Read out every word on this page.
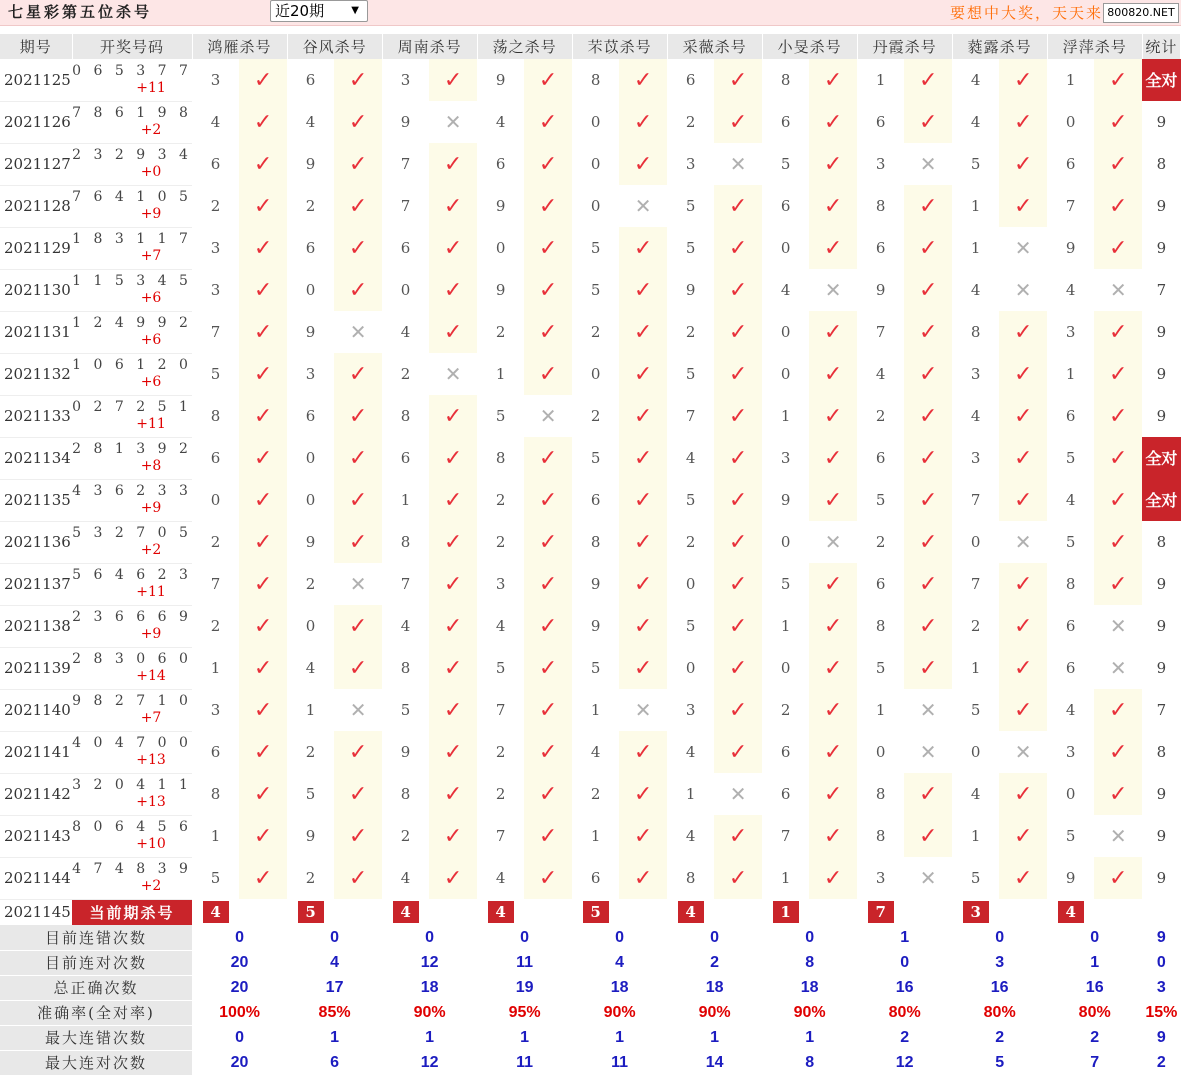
七星彩第五位杀号	近20期	▼	要想中大奖，天天来 800820.NET
期号	开奖号码	鸿雁杀号		谷风杀号		周南杀号		荡之杀号		芣苡杀号		采薇杀号		小旻杀号		丹霞杀号		蕤露杀号		浮萍杀号		统计
2021125	0 6 5 3 7 7
+11	3	✓	6	✓	3	✓	9	✓	8	✓	6	✓	8	✓	1	✓	4	✓	1	✓	全对
2021126	7 8 6 1 9 8
+2	4	✓	4	✓	9	✕	4	✓	0	✓	2	✓	6	✓	6	✓	4	✓	0	✓	9
2021127	2 3 2 9 3 4
+0	6	✓	9	✓	7	✓	6	✓	0	✓	3	✕	5	✓	3	✕	5	✓	6	✓	8
2021128	7 6 4 1 0 5
+9	2	✓	2	✓	7	✓	9	✓	0	✕	5	✓	6	✓	8	✓	1	✓	7	✓	9
2021129	1 8 3 1 1 7
+7	3	✓	6	✓	6	✓	0	✓	5	✓	5	✓	0	✓	6	✓	1	✕	9	✓	9
2021130	1 1 5 3 4 5
+6	3	✓	0	✓	0	✓	9	✓	5	✓	9	✓	4	✕	9	✓	4	✕	4	✕	7
2021131	1 2 4 9 9 2
+6	7	✓	9	✕	4	✓	2	✓	2	✓	2	✓	0	✓	7	✓	8	✓	3	✓	9
2021132	1 0 6 1 2 0
+6	5	✓	3	✓	2	✕	1	✓	0	✓	5	✓	0	✓	4	✓	3	✓	1	✓	9
2021133	0 2 7 2 5 1
+11	8	✓	6	✓	8	✓	5	✕	2	✓	7	✓	1	✓	2	✓	4	✓	6	✓	9
2021134	2 8 1 3 9 2
+8	6	✓	0	✓	6	✓	8	✓	5	✓	4	✓	3	✓	6	✓	3	✓	5	✓	全对
2021135	4 3 6 2 3 3
+9	0	✓	0	✓	1	✓	2	✓	6	✓	5	✓	9	✓	5	✓	7	✓	4	✓	全对
2021136	5 3 2 7 0 5
+2	2	✓	9	✓	8	✓	2	✓	8	✓	2	✓	0	✕	2	✓	0	✕	5	✓	8
2021137	5 6 4 6 2 3
+11	7	✓	2	✕	7	✓	3	✓	9	✓	0	✓	5	✓	6	✓	7	✓	8	✓	9
2021138	2 3 6 6 6 9
+9	2	✓	0	✓	4	✓	4	✓	9	✓	5	✓	1	✓	8	✓	2	✓	6	✕	9
2021139	2 8 3 0 6 0
+14	1	✓	4	✓	8	✓	5	✓	5	✓	0	✓	0	✓	5	✓	1	✓	6	✕	9
2021140	9 8 2 7 1 0
+7	3	✓	1	✕	5	✓	7	✓	1	✕	3	✓	2	✓	1	✕	5	✓	4	✓	7
2021141	4 0 4 7 0 0
+13	6	✓	2	✓	9	✓	2	✓	4	✓	4	✓	6	✓	0	✕	0	✕	3	✓	8
2021142	3 2 0 4 1 1
+13	8	✓	5	✓	8	✓	2	✓	2	✓	1	✕	6	✓	8	✓	4	✓	0	✓	9
2021143	8 0 6 4 5 6
+10	1	✓	9	✓	2	✓	7	✓	1	✓	4	✓	7	✓	8	✓	1	✓	5	✕	9
2021144	4 7 4 8 3 9
+2	5	✓	2	✓	4	✓	4	✓	6	✓	8	✓	1	✓	3	✕	5	✓	9	✓	9
2021145	当前期杀号	4		5		4		4		5		4		1		7		3		4		
目前连错次数		0		0		0		0		0		0		0		1		0		0		9
目前连对次数		20		4		12		11		4		2		8		0		3		1		0
总正确次数		20		17		18		19		18		18		18		16		16		16		3
准确率(全对率)		100%		85%		90%		95%		90%		90%		90%		80%		80%		80%		15%
最大连错次数		0		1		1		1		1		1		1		2		2		2		9
最大连对次数		20		6		12		11		11		14		8		12		5		7		2
